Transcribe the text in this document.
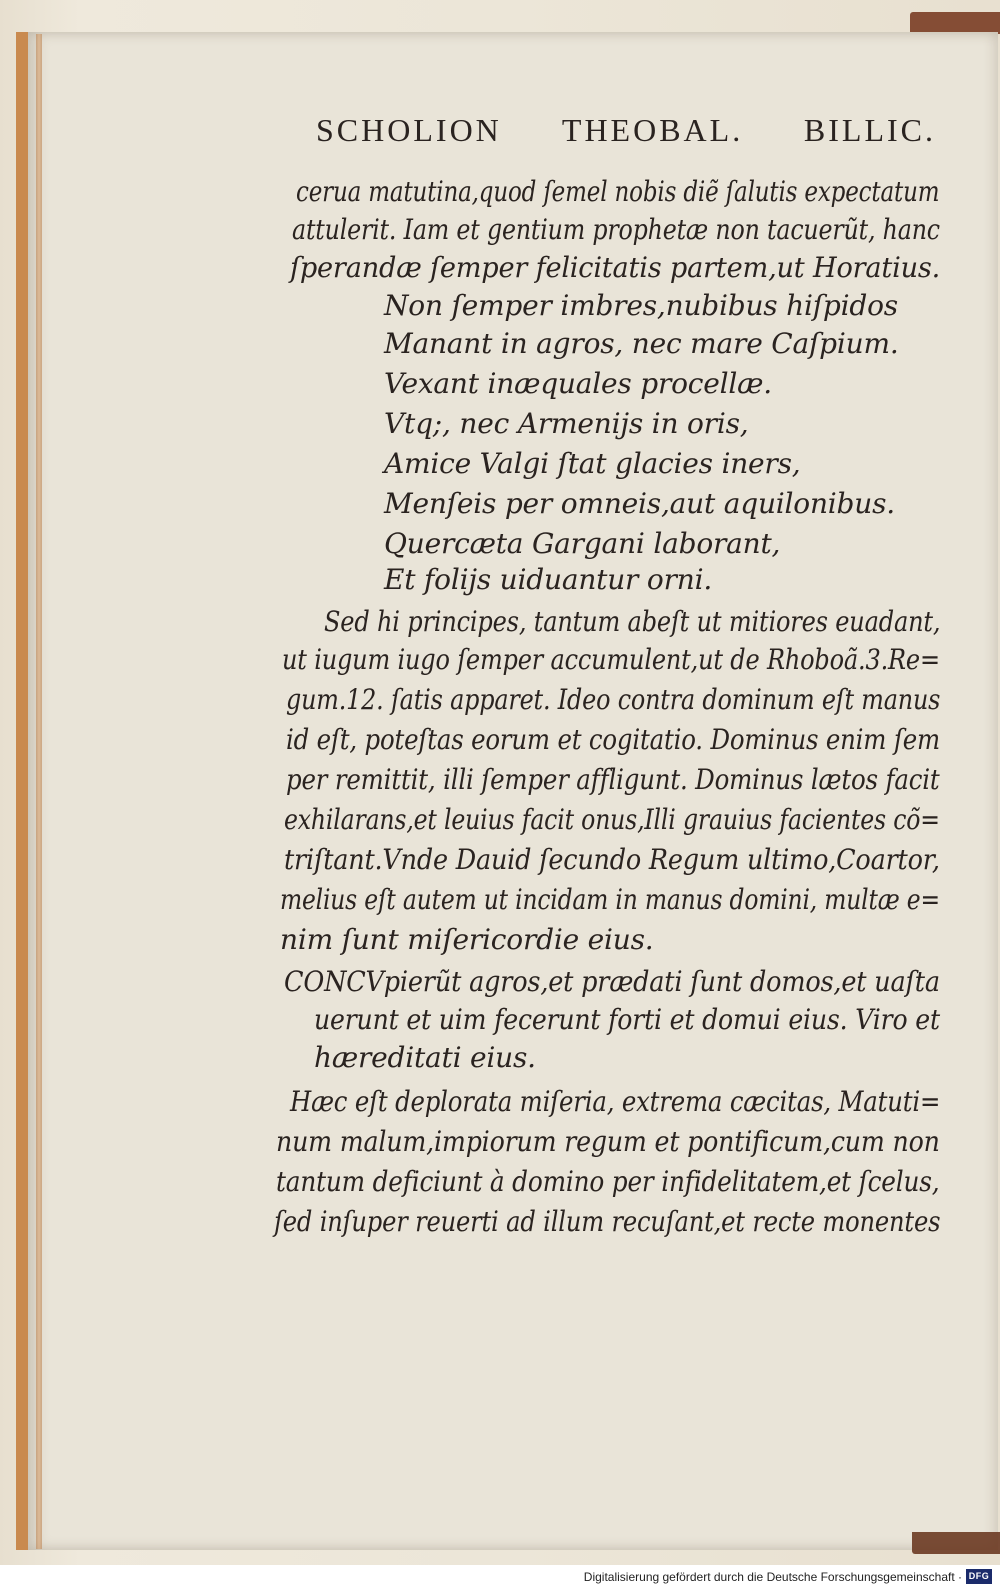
SCHOLION THEOBAL. BILLIC.
cerua matutina,quod ſemel nobis diẽ ſalutis expectatum
attulerit. Iam et gentium prophetæ non tacuerũt, hanc
ſperandæ ſemper felicitatis partem,ut Horatius.
Non ſemper imbres,nubibus hiſpidos
Manant in agros, nec mare Caſpium.
Vexant inæquales procellæ.
Vtq;, nec Armenijs in oris,
Amice Valgi ſtat glacies iners,
Menſeis per omneis,aut aquilonibus.
Quercæta Gargani laborant,
Et folijs uiduantur orni.
Sed hi principes, tantum abeſt ut mitiores euadant,
ut iugum iugo ſemper accumulent,ut de Rhoboã.3.Re=
gum.12. ſatis apparet. Ideo contra dominum eſt manus
id eſt, poteſtas eorum et cogitatio. Dominus enim ſem
per remittit, illi ſemper affligunt. Dominus lætos facit
exhilarans,et leuius facit onus,Illi grauius facientes cõ=
triſtant.Vnde Dauid ſecundo Regum ultimo,Coartor,
melius eſt autem ut incidam in manus domini, multæ e=
nim ſunt miſericordie eius.
CONCVpierũt agros,et prædati ſunt domos,et uaſta
uerunt et uim fecerunt forti et domui eius. Viro et
hæreditati eius.
Hæc eſt deplorata miſeria, extrema cæcitas, Matuti=
num malum,impiorum regum et pontificum,cum non
tantum deficiunt à domino per infidelitatem,et ſcelus,
ſed inſuper reuerti ad illum recuſant,et recte monentes
Digitalisierung gefördert durch die Deutsche Forschungsgemeinschaft · DFG
